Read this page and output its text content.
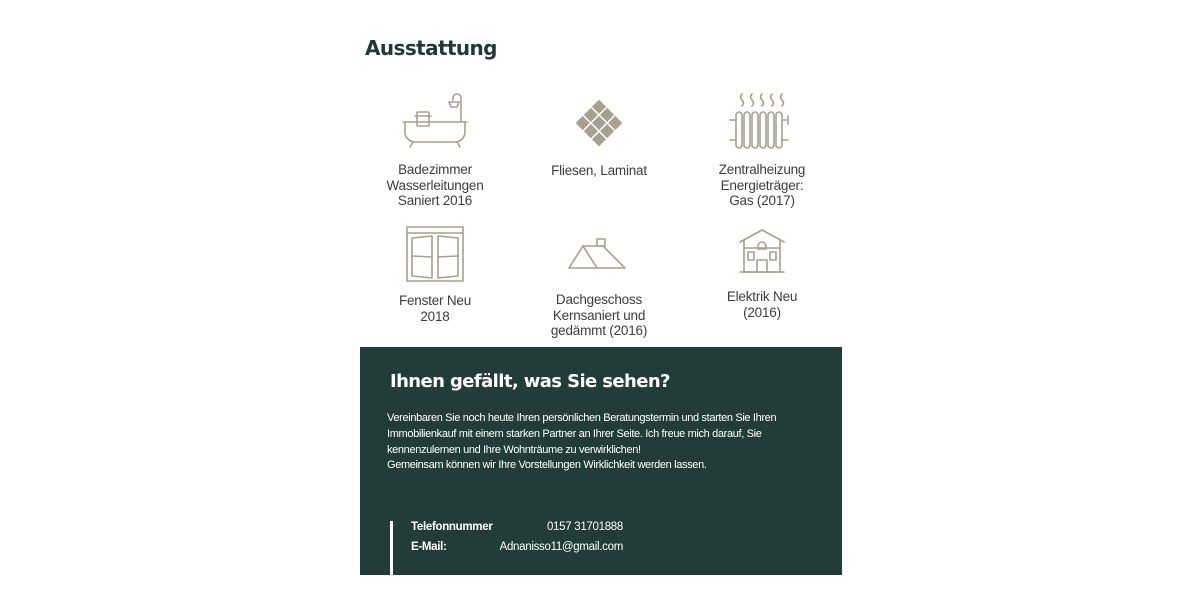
Ausstattung
Badezimmer
Wasserleitungen
Saniert 2016
Fliesen, Laminat	Zentralheizung
Energieträger:
Gas (2017)
Fenster Neu
2018
Dachgeschoss
Kernsaniert und
gedämmt (2016)
Elektrik Neu
(2016)
Ihnen gefällt, was Sie sehen?

Vereinbaren Sie noch heute Ihren persönlichen Beratungstermin und starten Sie Ihren
Immobilienkauf mit einem starken Partner an Ihrer Seite. Ich freue mich darauf, Sie
kennenzulernen und Ihre Wohnträume zu verwirklichen!
Gemeinsam können wir Ihre Vorstellungen Wirklichkeit werden lassen.

Telefonnummer	0157 31701888
E-Mail:	Adnanisso11@gmail.com
